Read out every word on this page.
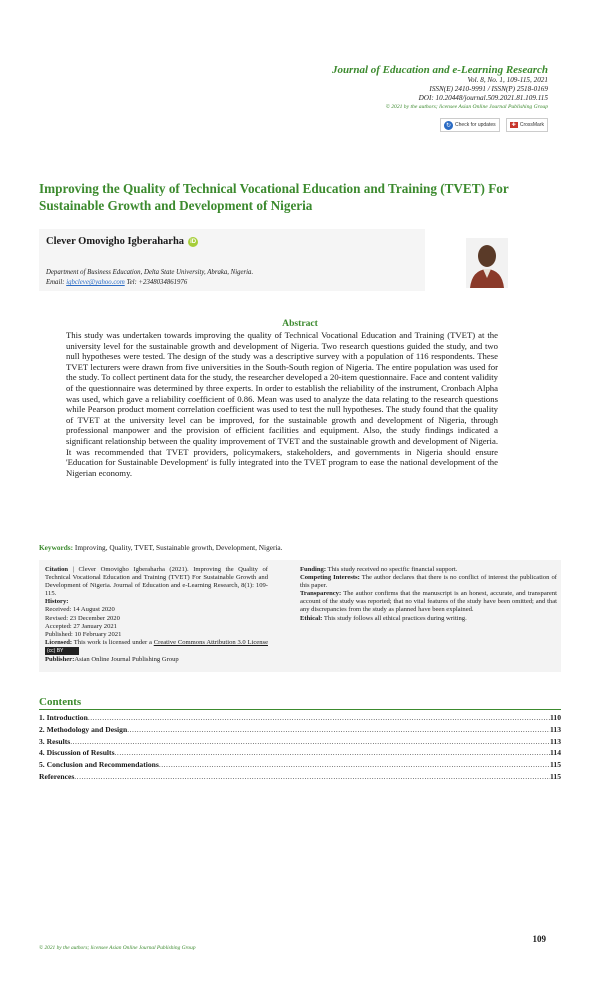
Journal of Education and e-Learning Research
Vol. 8, No. 1, 109-115, 2021
ISSN(E) 2410-9991 / ISSN(P) 2518-0169
DOI: 10.20448/journal.509.2021.81.109.115
© 2021 by the authors; licensee Asian Online Journal Publishing Group
↻ Check for updates	✚ CrossMark
Improving the Quality of Technical Vocational Education and Training (TVET) For Sustainable Growth and Development of Nigeria
Clever Omovigho Igberaharha iD
Department of Business Education, Delta State University, Abraka, Nigeria.
Email: igbcleve@yahoo.com Tel: +2348034861976
Abstract
This study was undertaken towards improving the quality of Technical Vocational Education and Training (TVET) at the university level for the sustainable growth and development of Nigeria. Two research questions guided the study, and two null hypotheses were tested. The design of the study was a descriptive survey with a population of 116 respondents. These TVET lecturers were drawn from five universities in the South-South region of Nigeria. The entire population was used for the study. To collect pertinent data for the study, the researcher developed a 20-item questionnaire. Face and content validity of the questionnaire was determined by three experts. In order to establish the reliability of the instrument, Cronbach Alpha was used, which gave a reliability coefficient of 0.86. Mean was used to analyze the data relating to the research questions while Pearson product moment correlation coefficient was used to test the null hypotheses. The study found that the quality of TVET at the university level can be improved, for the sustainable growth and development of Nigeria, through professional manpower and the provision of efficient facilities and equipment. Also, the study findings indicated a significant relationship between the quality improvement of TVET and the sustainable growth and development of Nigeria. It was recommended that TVET providers, policymakers, stakeholders, and governments in Nigeria should ensure 'Education for Sustainable Development' is fully integrated into the TVET program to ease the national development of the Nigerian economy.
Keywords: Improving, Quality, TVET, Sustainable growth, Development, Nigeria.
Citation | Clever Omovigho Igberaharha (2021). Improving the Quality of Technical Vocational Education and Training (TVET) For Sustainable Growth and Development of Nigeria. Journal of Education and e-Learning Research, 8(1): 109-115.
History:
Received: 14 August 2020
Revised: 23 December 2020
Accepted: 27 January 2021
Published: 10 February 2021
Licensed: This work is licensed under a Creative Commons Attribution 3.0 License (cc) BY
Publisher:Asian Online Journal Publishing Group
Funding: This study received no specific financial support.
Competing Interests: The author declares that there is no conflict of interest the publication of this paper.
Transparency: The author confirms that the manuscript is an honest, accurate, and transparent account of the study was reported; that no vital features of the study have been omitted; and that any discrepancies from the study as planned have been explained.
Ethical: This study follows all ethical practices during writing.
Contents
1. Introduction .....	110
2. Methodology and Design .....	113
3. Results .....	113
4. Discussion of Results .....	114
5. Conclusion and Recommendations .....	115
References .....	115
109
© 2021 by the authors; licensee Asian Online Journal Publishing Group
